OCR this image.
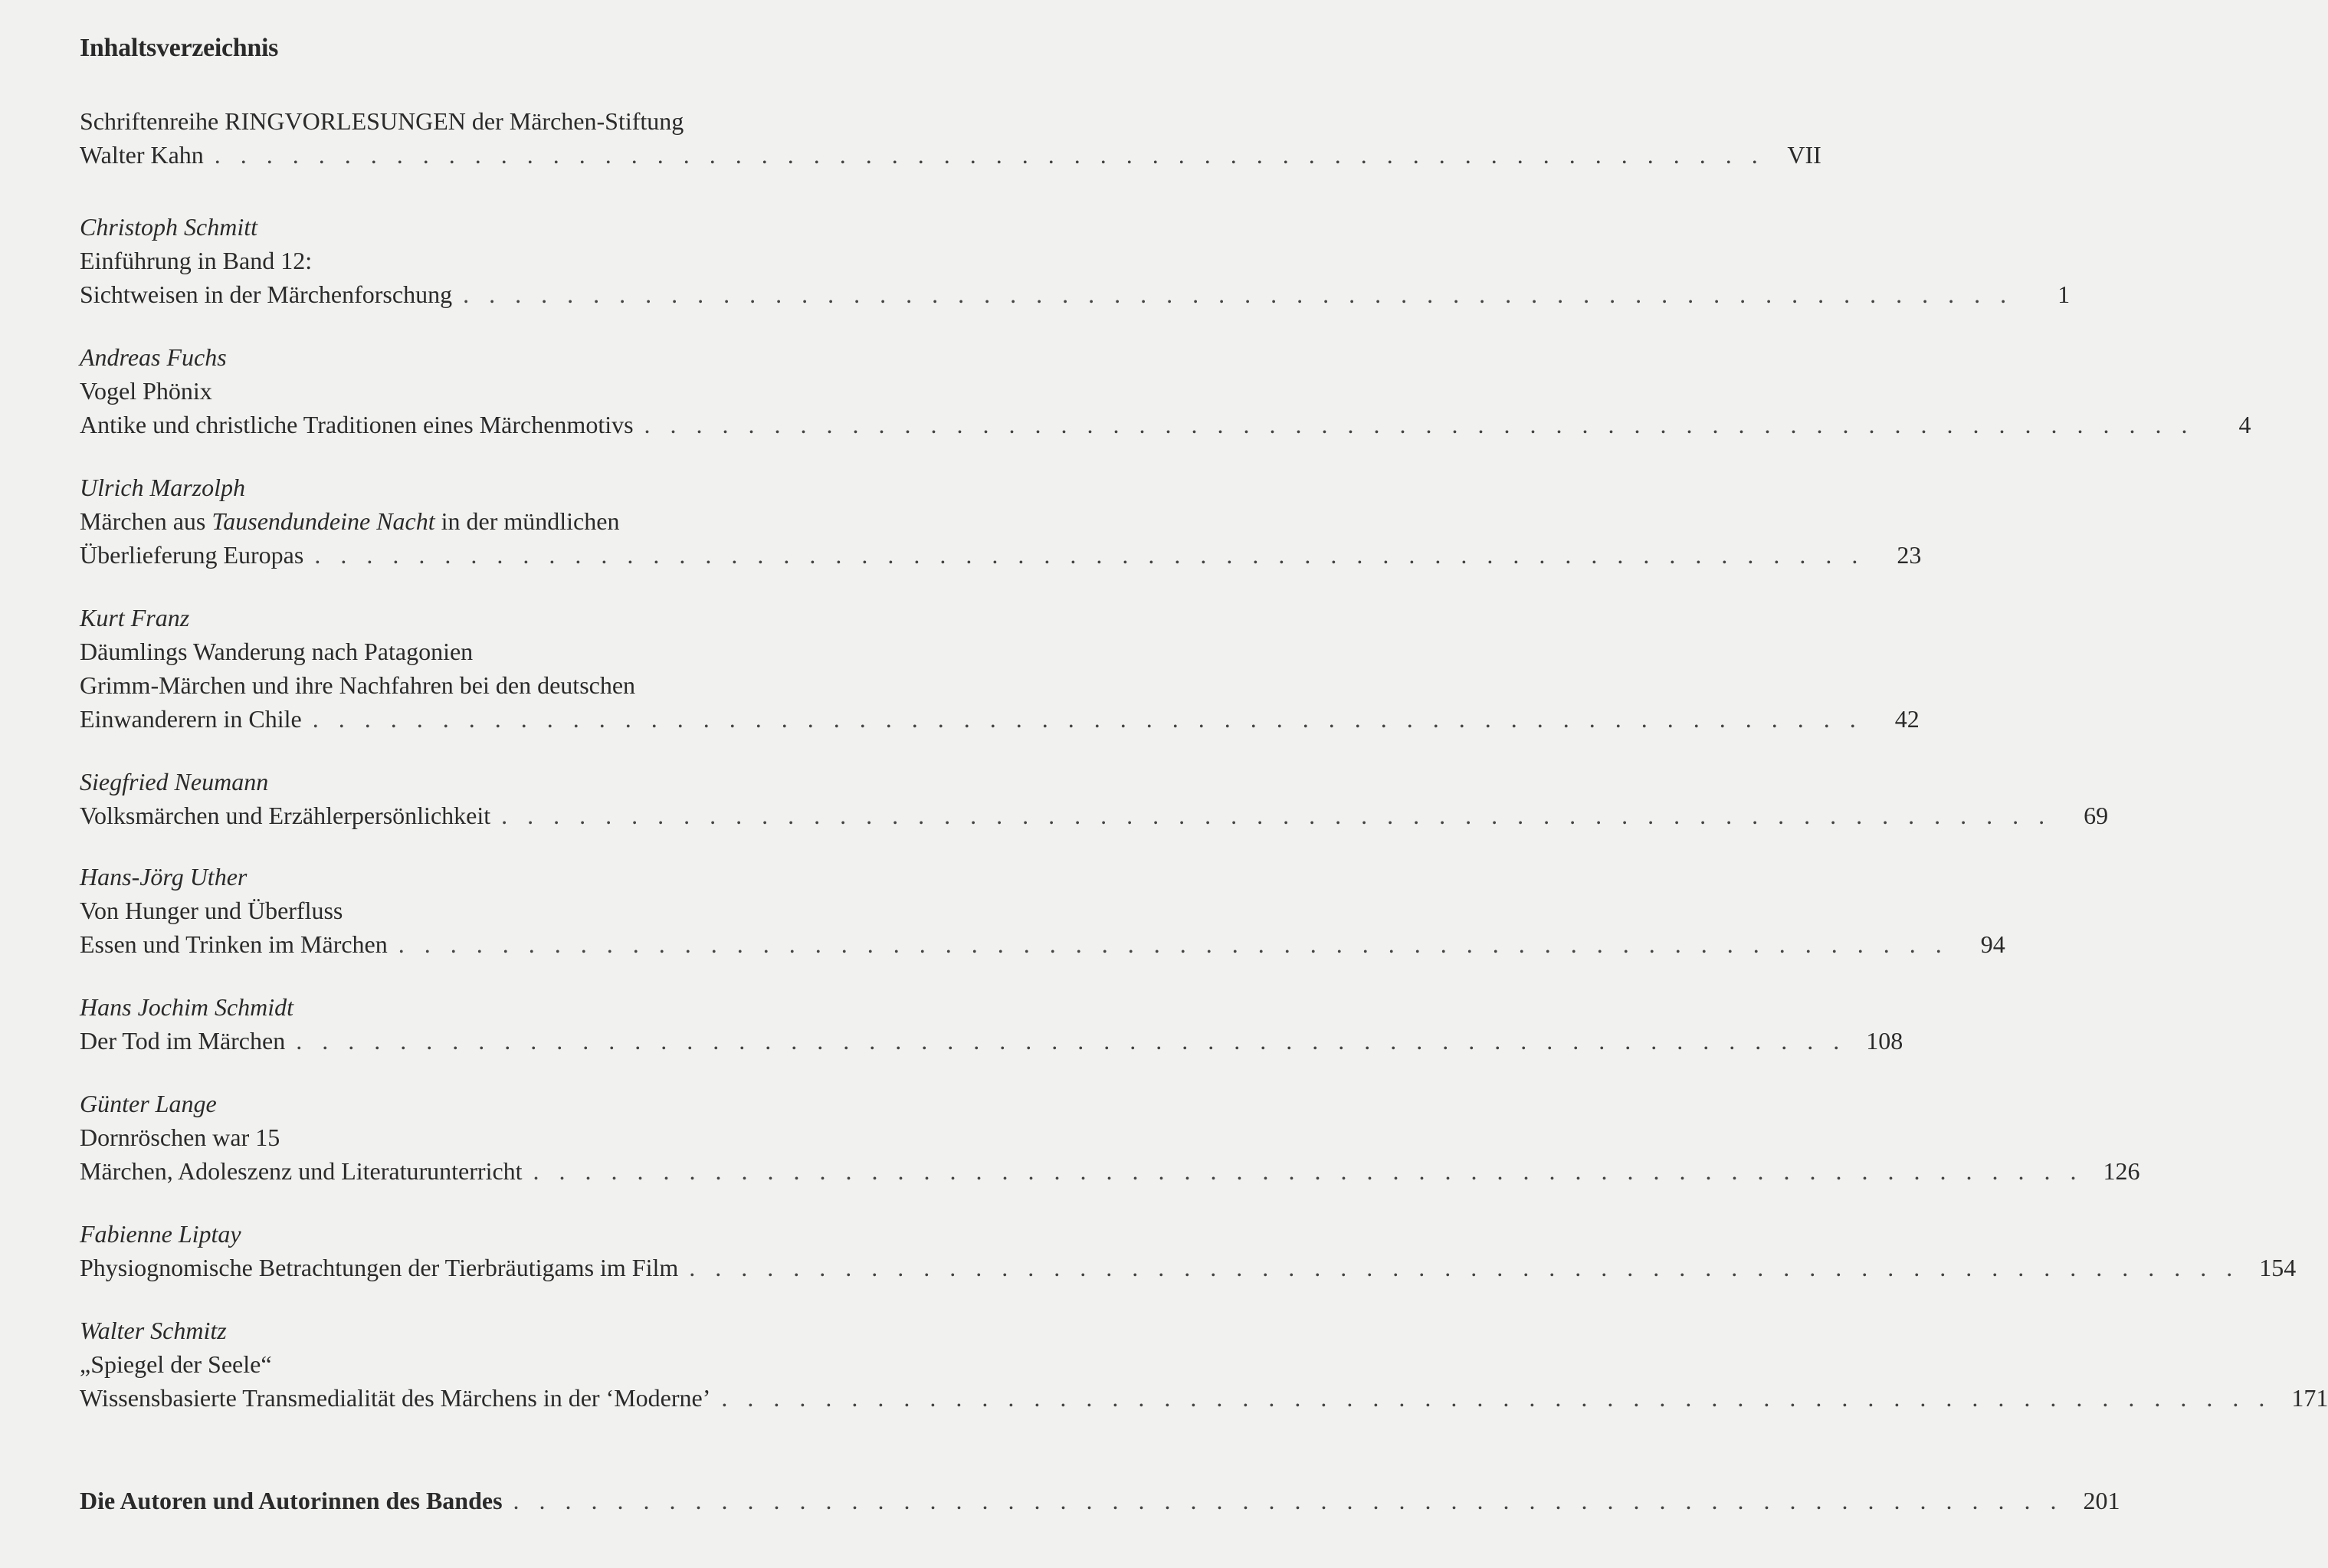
Inhaltsverzeichnis
Schriftenreihe RINGVORLESUNGEN der Märchen-Stiftung
Walter Kahn . . . . . . . . . . . . . . . . . . . . . . . . . . . . . . . . . . . . . . . . . . . . . . . . . . . . . . . . . . . . VII
Christoph Schmitt
Einführung in Band 12:
Sichtweisen in der Märchenforschung . . . . . . . . . . . . . . . . . . . . . . . . . . . . . . . . . . . . . . . . . . . . . . . . . . . . . . . . . . . .	1
Andreas Fuchs
Vogel Phönix
Antike und christliche Traditionen eines Märchenmotivs . . . . . . . . . . . . . . . . . . . . . . . . . . . . . . . . . . . . . . . . . . . . . . . . . . . . . . . . . . . .	4
Ulrich Marzolph
Märchen aus Tausendundeine Nacht in der mündlichen
Überlieferung Europas . . . . . . . . . . . . . . . . . . . . . . . . . . . . . . . . . . . . . . . . . . . . . . . . . . . . . . . . . . . .	23
Kurt Franz
Däumlings Wanderung nach Patagonien
Grimm-Märchen und ihre Nachfahren bei den deutschen
Einwanderern in Chile . . . . . . . . . . . . . . . . . . . . . . . . . . . . . . . . . . . . . . . . . . . . . . . . . . . . . . . . . . . .	42
Siegfried Neumann
Volksmärchen und Erzählerpersönlichkeit . . . . . . . . . . . . . . . . . . . . . . . . . . . . . . . . . . . . . . . . . . . . . . . . . . . . . . . . . . . .	69
Hans-Jörg Uther
Von Hunger und Überfluss
Essen und Trinken im Märchen . . . . . . . . . . . . . . . . . . . . . . . . . . . . . . . . . . . . . . . . . . . . . . . . . . . . . . . . . . . .	94
Hans Jochim Schmidt
Der Tod im Märchen . . . . . . . . . . . . . . . . . . . . . . . . . . . . . . . . . . . . . . . . . . . . . . . . . . . . . . . . . . . . 108
Günter Lange
Dornröschen war 15
Märchen, Adoleszenz und Literaturunterricht . . . . . . . . . . . . . . . . . . . . . . . . . . . . . . . . . . . . . . . . . . . . . . . . . . . . . . . . . . . . 126
Fabienne Liptay
Physiognomische Betrachtungen der Tierbräutigams im Film . . . . . . . . . . . . . . . . . . . . . . . . . . . . . . . . . . . . . . . . . . . . . . . . . . . . . . . . . . . . 154
Walter Schmitz
„Spiegel der Seele“
Wissensbasierte Transmedialität des Märchens in der ‘Moderne’ . . . . . . . . . . . . . . . . . . . . . . . . . . . . . . . . . . . . . . . . . . . . . . . . . . . . . . . . . . . . 171
Die Autoren und Autorinnen des Bandes . . . . . . . . . . . . . . . . . . . . . . . . . . . . . . . . . . . . . . . . . . . . . . . . . . . . . . . . . . . . 201
